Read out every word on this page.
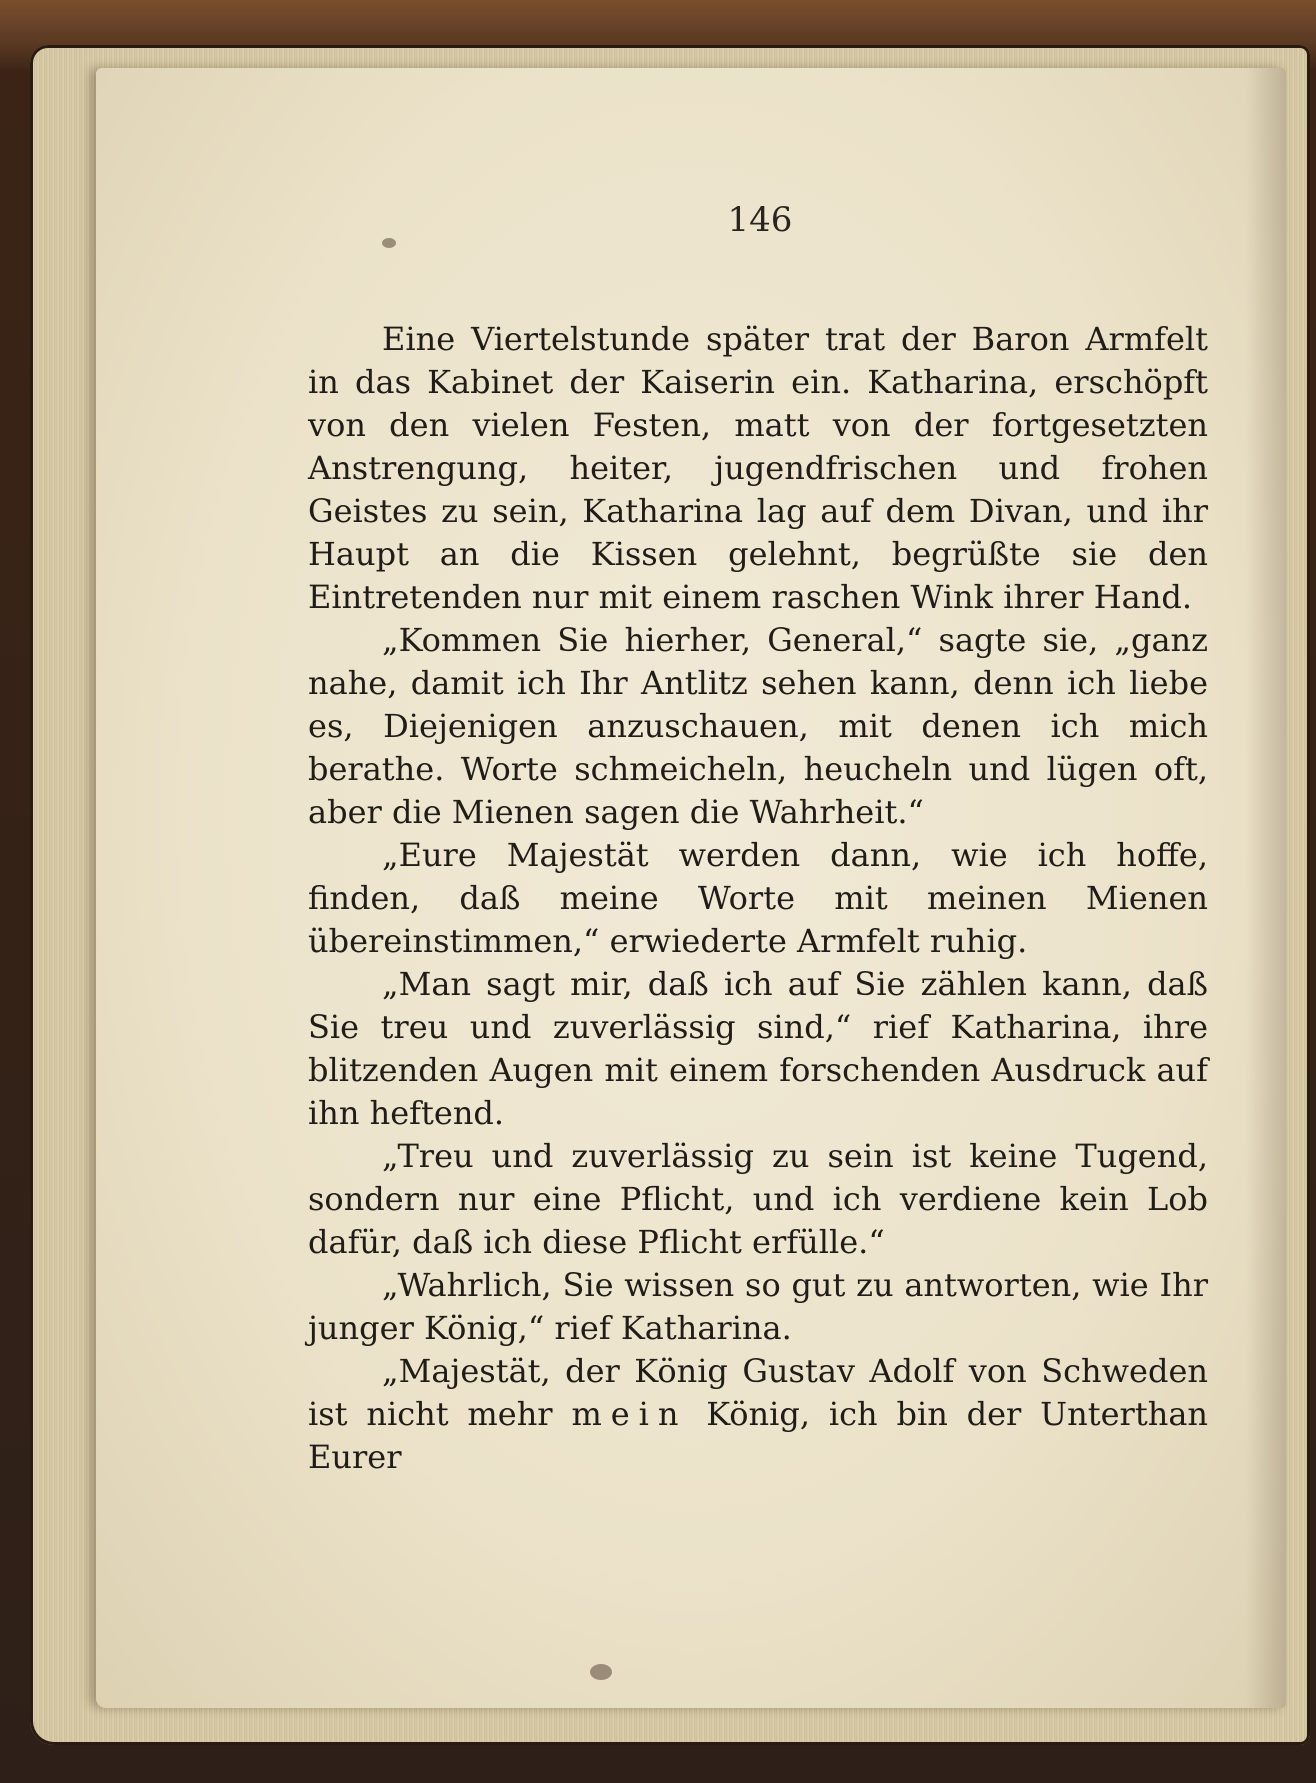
146

Eine Viertelstunde später trat der Baron Armfelt in das Kabinet der Kaiserin ein. Katharina, erschöpft von den vielen Festen, matt von der fortgesetzten Anstrengung, heiter, jugendfrischen und frohen Geistes zu sein, Katharina lag auf dem Divan, und ihr Haupt an die Kissen gelehnt, begrüßte sie den Eintretenden nur mit einem raschen Wink ihrer Hand.

„Kommen Sie hierher, General,“ sagte sie, „ganz nahe, damit ich Ihr Antlitz sehen kann, denn ich liebe es, Diejenigen anzuschauen, mit denen ich mich berathe. Worte schmeicheln, heucheln und lügen oft, aber die Mienen sagen die Wahrheit.“

„Eure Majestät werden dann, wie ich hoffe, finden, daß meine Worte mit meinen Mienen übereinstimmen,“ erwiederte Armfelt ruhig.

„Man sagt mir, daß ich auf Sie zählen kann, daß Sie treu und zuverlässig sind,“ rief Katharina, ihre blitzenden Augen mit einem forschenden Ausdruck auf ihn heftend.

„Treu und zuverlässig zu sein ist keine Tugend, sondern nur eine Pflicht, und ich verdiene kein Lob dafür, daß ich diese Pflicht erfülle.“

„Wahrlich, Sie wissen so gut zu antworten, wie Ihr junger König,“ rief Katharina.

„Majestät, der König Gustav Adolf von Schweden ist nicht mehr mein König, ich bin der Unterthan Eurer
